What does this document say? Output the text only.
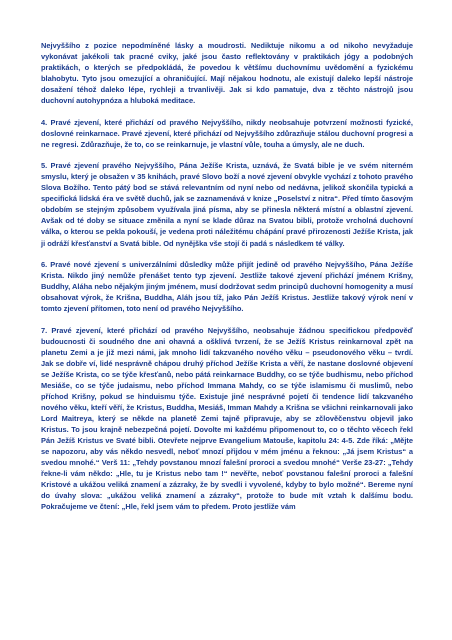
Nejvyššího z pozice nepodmíněné lásky a moudrosti. Nediktuje nikomu a od nikoho nevyžaduje vykonávat jakékoli tak pracné cviky, jaké jsou často reflektovány v praktikách jógy a podobných praktikách, o kterých se předpokládá, že povedou k většímu duchovnímu uvědomění a fyzickému blahobytu. Tyto jsou omezující a ohraničující. Mají nějakou hodnotu, ale existují daleko lepší nástroje dosažení téhož daleko lépe, rychleji a trvanlivěji. Jak si kdo pamatuje, dva z těchto nástrojů jsou duchovní autohypnóza a hluboká meditace.

4. Pravé zjevení, které přichází od pravého Nejvyššího, nikdy neobsahuje potvrzení možnosti fyzické, doslovné reinkarnace. Pravé zjevení, které přichází od Nejvyššího zdůrazňuje stálou duchovní progresi a ne regresi. Zdůrazňuje, že to, co se reinkarnuje, je vlastní vůle, touha a úmysly, ale ne duch.

5. Pravé zjevení pravého Nejvyššího, Pána Ježíše Krista, uznává, že Svatá bible je ve svém niterném smyslu, který je obsažen v 35 knihách, pravé Slovo boží a nové zjevení obvykle vychází z tohoto pravého Slova Božího. Tento pátý bod se stává relevantním od nyní nebo od nedávna, jelikož skončila typická a specifická lidská éra ve světě duchů, jak se zaznamenává v knize „Poselství z nitra“. Před tímto časovým obdobím se stejným způsobem využívala jiná písma, aby se přinesla některá místní a oblastní zjevení. Avšak od té doby se situace změnila a nyní se klade důraz na Svatou bibli, protože vrcholná duchovní válka, o kterou se pekla pokouší, je vedena proti náležitému chápání pravé přirozenosti Ježíše Krista, jak ji odráží křesťanství a Svatá bible. Od nynějška vše stojí či padá s následkem té války.

6. Pravé nové zjevení s univerzálními důsledky může přijít jedině od pravého Nejvyššího, Pána Ježíše Krista. Nikdo jiný nemůže přenášet tento typ zjevení. Jestliže takové zjevení přichází jménem Krišny, Buddhy, Aláha nebo nějakým jiným jménem, musí dodržovat sedm principů duchovní homogenity a musí obsahovat výrok, že Krišna, Buddha, Aláh jsou tíž, jako Pán Ježíš Kristus. Jestliže takový výrok není v tomto zjevení přítomen, toto není od pravého Nejvyššího.

7. Pravé zjevení, které přichází od pravého Nejvyššího, neobsahuje žádnou specifickou předpověď budoucnosti či soudného dne ani ohavná a ošklivá tvrzení, že se Ježíš Kristus reinkarnoval zpět na planetu Zemi a je již mezi námi, jak mnoho lidí takzvaného nového věku – pseudonového věku – tvrdí. Jak se dobře ví, lidé nesprávně chápou druhý příchod Ježíše Krista a věří, že nastane doslovné objevení se Ježíše Krista, co se týče křesťanů, nebo pátá reinkarnace Buddhy, co se týče budhismu, nebo příchod Mesiáše, co se týče judaismu, nebo příchod Immana Mahdy, co se týče islamismu či muslimů, nebo příchod Krišny, pokud se hinduismu týče. Existuje jiné nesprávné pojetí či tendence lidí takzvaného nového věku, kteří věří, že Kristus, Buddha, Mesiáš, Imman Mahdy a Krišna se všichni reinkarnovali jako Lord Maitreya, který se někde na planetě Zemi tajně připravuje, aby se zčlověčenstvu objevil jako Kristus. To jsou krajně nebezpečná pojetí. Dovolte mi každému připomenout to, co o těchto věcech řekl Pán Ježíš Kristus ve Svaté bibli. Otevřete nejprve Evangelium Matouše, kapitolu 24: 4-5. Zde říká: „Mějte se napozoru, aby vás někdo nesvedl, neboť mnozí přijdou v mém jménu a řeknou: „Já jsem Kristus“ a svedou mnohé.“ Verš 11: „Tehdy povstanou mnozí falešní proroci a svedou mnohé“ Verše 23-27: „Tehdy řekne-li vám někdo: „Hle, tu je Kristus nebo tam !“ nevěřte, neboť povstanou falešní proroci a falešní Kristové a ukážou veliká znamení a zázraky, že by svedli i vyvolené, kdyby to bylo možné“. Bereme nyní do úvahy slova: „ukážou veliká znamení a zázraky“, protože to bude mít vztah k dalšímu bodu. Pokračujeme ve čtení: „Hle, řekl jsem vám to předem. Proto jestliže vám
